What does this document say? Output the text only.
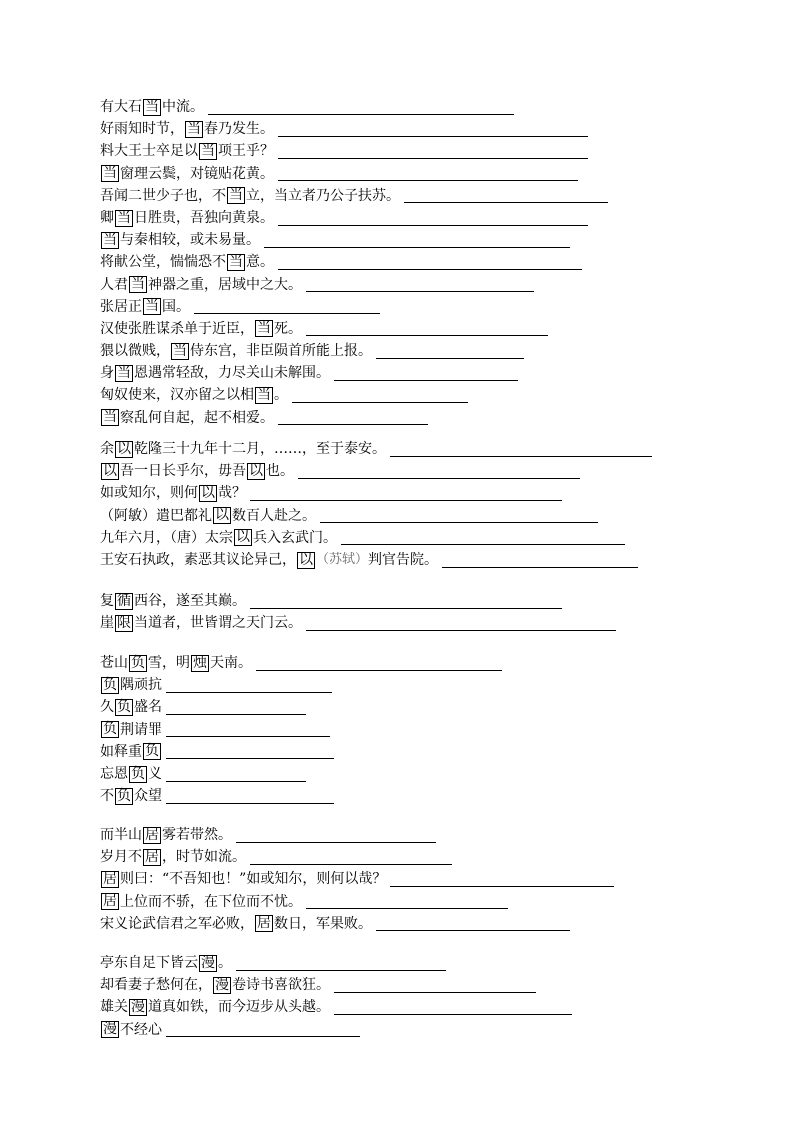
有大石 当 中流。
好雨知时节， 当 春乃发生。
料大王士卒足以 当 项王乎？
当 窗理云鬓，对镜贴花黄。
吾闻二世少子也，不 当 立，当立者乃公子扶苏。
卿 当 日胜贵，吾独向黄泉。
当 与秦相较，或未易量。
将献公堂，惴惴恐不 当 意。
人君 当 神器之重，居域中之大。
张居正 当 国。
汉使张胜谋杀单于近臣， 当 死。
猥以微贱， 当 侍东宫，非臣陨首所能上报。
身 当 恩遇常轻敌，力尽关山未解围。
匈奴使来，汉亦留之以相 当 。
当 察乱何自起，起不相爱。
余 以 乾隆三十九年十二月，……，至于泰安。
以 吾一日长乎尔，毋吾 以 也。
如或知尔，则何 以 哉？
（阿敏）遣巴都礼 以 数百人赴之。
九年六月，（唐）太宗 以 兵入玄武门。
王安石执政，素恶其议论异己， 以 （苏轼） 判官告院。
复 循 西谷，遂至其巅。
崖 限 当道者，世皆谓之天门云。
苍山 负 雪，明 烛 天南。
负 隅顽抗
久 负 盛名
负 荆请罪
如释重 负
忘恩 负 义
不 负 众望
而半山 居 雾若带然。
岁月不 居 ，时节如流。
居 则曰：“不吾知也！”如或知尔，则何以哉？
居 上位而不骄，在下位而不忧。
宋义论武信君之军必败， 居 数日，军果败。
亭东自足下皆云 漫 。
却看妻子愁何在， 漫 卷诗书喜欲狂。
雄关 漫 道真如铁，而今迈步从头越。
漫 不经心
